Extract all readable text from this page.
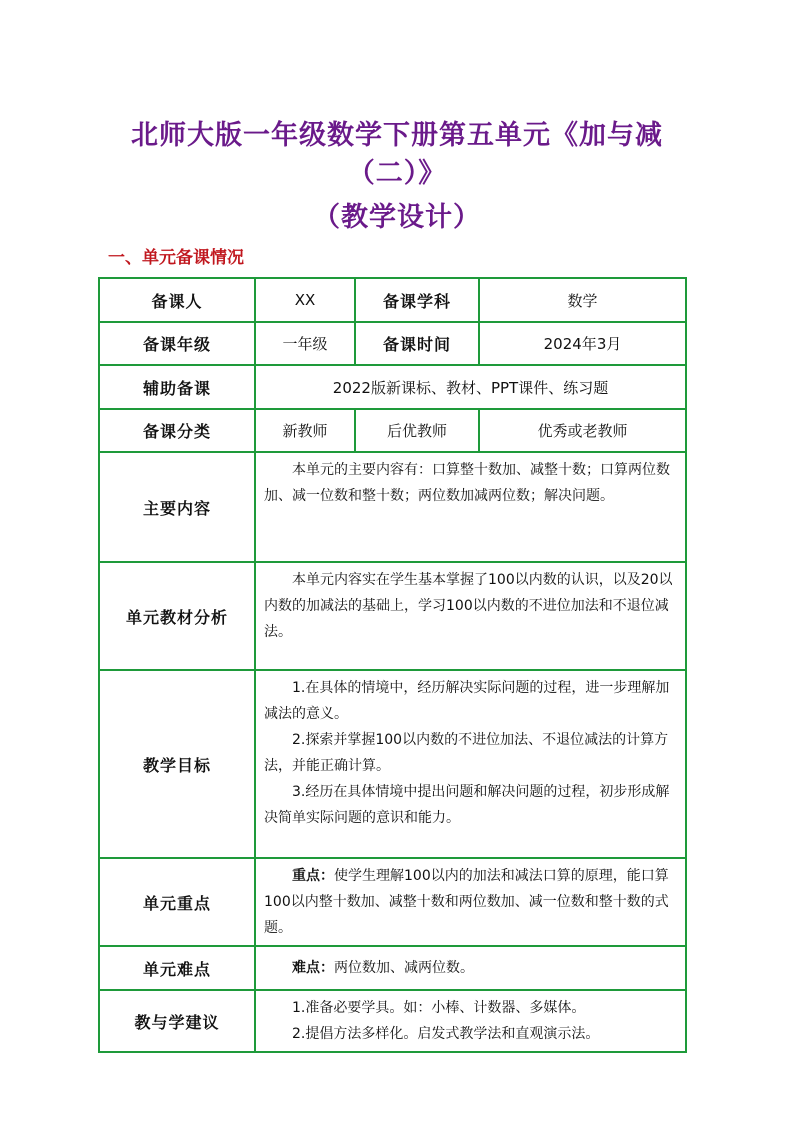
北师大版一年级数学下册第五单元《加与减
（二）》
（教学设计）

一、单元备课情况

备课人	XX	备课学科	数学
备课年级	一年级	备课时间	2024年3月
辅助备课	2022版新课标、教材、PPT课件、练习题		
备课分类	新教师	后优教师	优秀或老教师
主要内容	本单元的主要内容有：口算整十数加、减整十数；口算两位数加、减一位数和整十数；两位数加减两位数；解决问题。		

单元教材分析	本单元内容实在学生基本掌握了100以内数的认识，以及20以内数的加减法的基础上，学习100以内数的不进位加法和不退位减法。		

教学目标	1.在具体的情境中，经历解决实际问题的过程，进一步理解加减法的意义。

2.探索并掌握100以内数的不进位加法、不退位减法的计算方法，并能正确计算。

3.经历在具体情境中提出问题和解决问题的过程，初步形成解决简单实际问题的意识和能力。		

单元重点	重点：使学生理解100以内的加法和减法口算的原理，能口算100以内整十数加、减整十数和两位数加、减一位数和整十数的式题。		

单元难点	难点：两位数加、减两位数。		

教与学建议	1.准备必要学具。如：小棒、计数器、多媒体。

2.提倡方法多样化。启发式教学法和直观演示法。		
